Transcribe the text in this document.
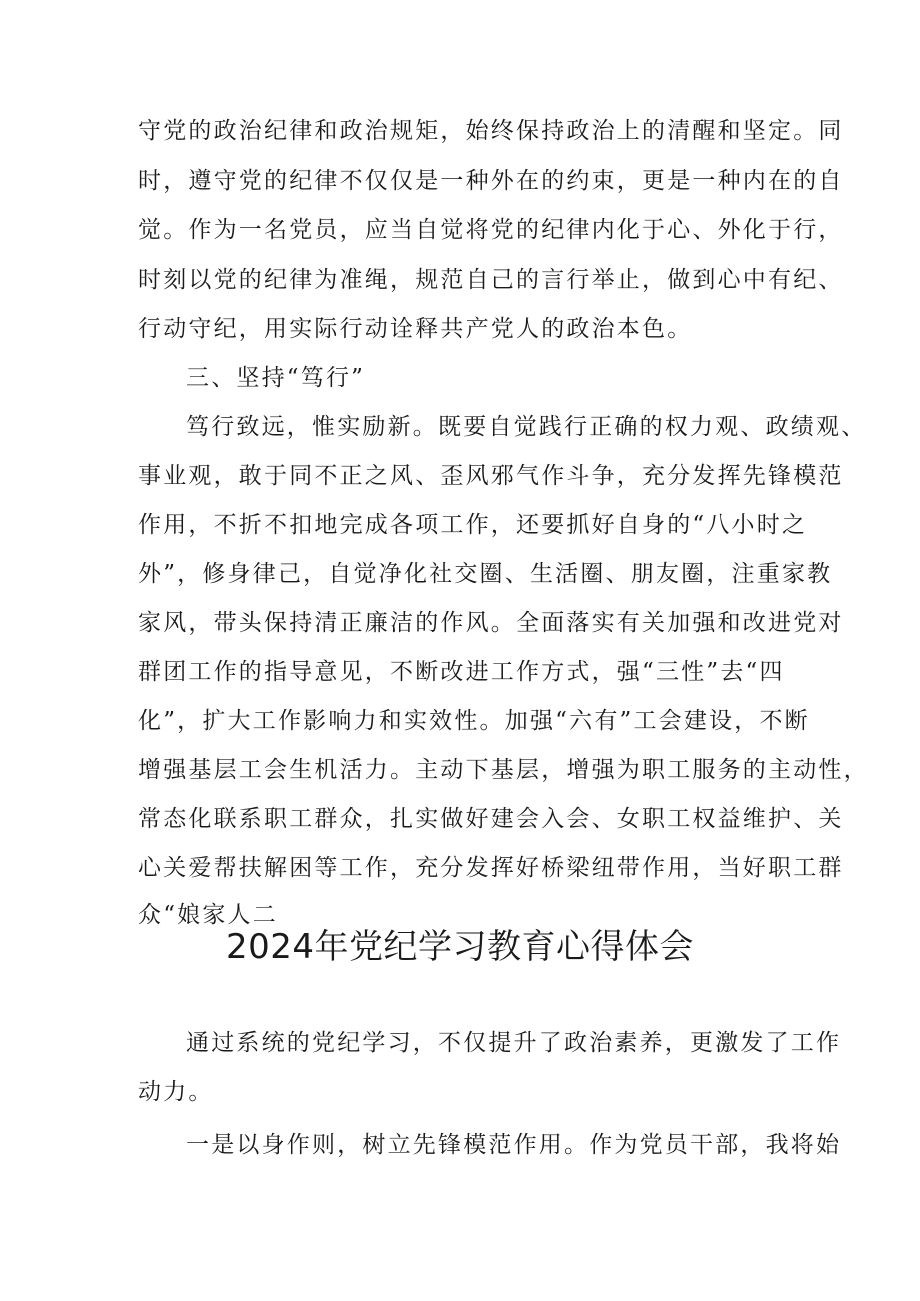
守党的政治纪律和政治规矩，始终保持政治上的清醒和坚定。同
时，遵守党的纪律不仅仅是一种外在的约束，更是一种内在的自
觉。作为一名党员，应当自觉将党的纪律内化于心、外化于行，
时刻以党的纪律为准绳，规范自己的言行举止，做到心中有纪、
行动守纪，用实际行动诠释共产党人的政治本色。
三、坚持“笃行”
笃行致远，惟实励新。既要自觉践行正确的权力观、政绩观、
事业观，敢于同不正之风、歪风邪气作斗争，充分发挥先锋模范
作用，不折不扣地完成各项工作，还要抓好自身的“八小时之
外”，修身律己，自觉净化社交圈、生活圈、朋友圈，注重家教
家风，带头保持清正廉洁的作风。全面落实有关加强和改进党对
群团工作的指导意见，不断改进工作方式，强“三性”去“四
化”，扩大工作影响力和实效性。加强“六有”工会建设，不断
增强基层工会生机活力。主动下基层，增强为职工服务的主动性，
常态化联系职工群众，扎实做好建会入会、女职工权益维护、关
心关爱帮扶解困等工作，充分发挥好桥梁纽带作用，当好职工群
众“娘家人二
2024年党纪学习教育心得体会
通过系统的党纪学习，不仅提升了政治素养，更激发了工作
动力。
一是以身作则，树立先锋模范作用。作为党员干部，我将始
